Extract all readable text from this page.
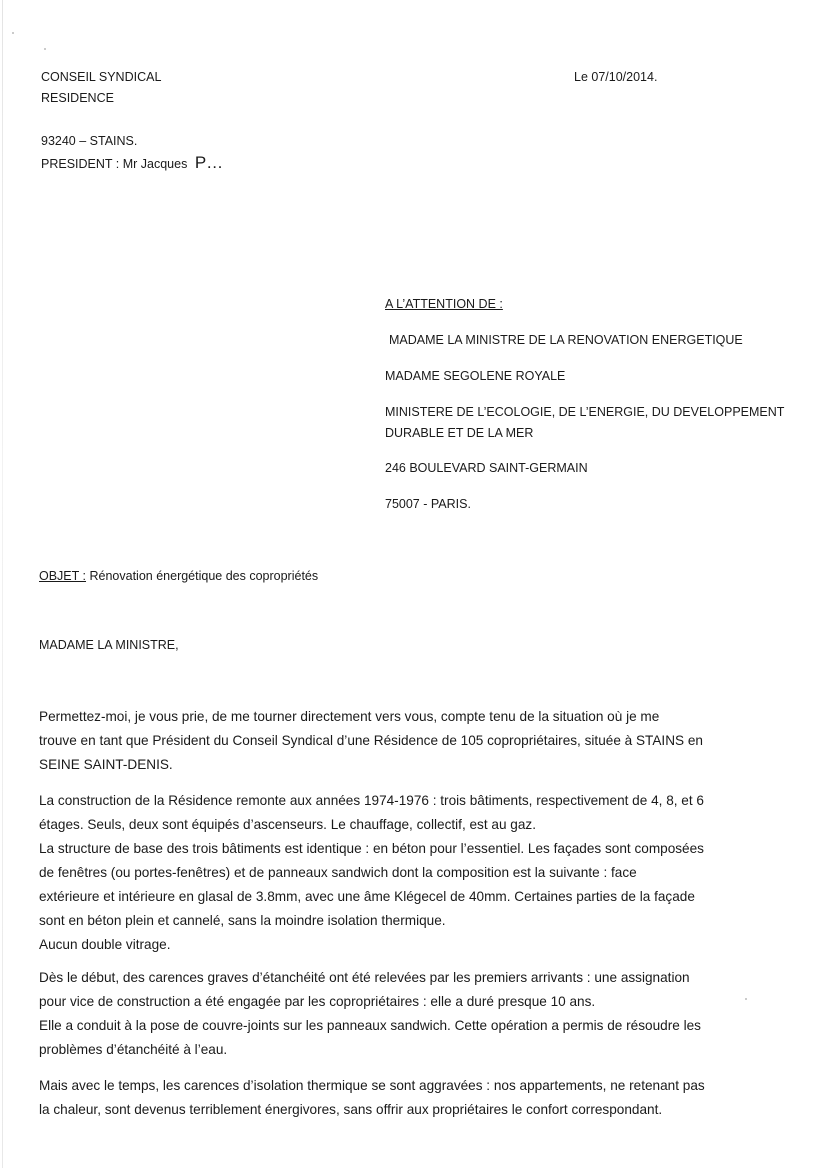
CONSEIL SYNDICAL
RESIDENCE
93240 – STAINS.
PRESIDENT : Mr Jacques P…
Le 07/10/2014.
A L’ATTENTION DE :
MADAME LA MINISTRE DE LA RENOVATION ENERGETIQUE
MADAME SEGOLENE ROYALE
MINISTERE DE L’ECOLOGIE, DE L’ENERGIE, DU DEVELOPPEMENT
DURABLE ET DE LA MER
246 BOULEVARD SAINT-GERMAIN
75007 - PARIS.
OBJET : Rénovation énergétique des copropriétés
MADAME LA MINISTRE,
Permettez-moi, je vous prie, de me tourner directement vers vous, compte tenu de la situation où je me
trouve en tant que Président du Conseil Syndical d’une Résidence de 105 copropriétaires, située à STAINS en
SEINE SAINT-DENIS.
La construction de la Résidence remonte aux années 1974-1976 : trois bâtiments, respectivement de 4, 8, et 6
étages. Seuls, deux sont équipés d’ascenseurs. Le chauffage, collectif, est au gaz.
La structure de base des trois bâtiments est identique : en béton pour l’essentiel. Les façades sont composées
de fenêtres (ou portes-fenêtres) et de panneaux sandwich dont la composition est la suivante : face
extérieure et intérieure en glasal de 3.8mm, avec une âme Klégecel de 40mm. Certaines parties de la façade
sont en béton plein et cannelé, sans la moindre isolation thermique.
Aucun double vitrage.
Dès le début, des carences graves d’étanchéité ont été relevées par les premiers arrivants : une assignation
pour vice de construction a été engagée par les copropriétaires : elle a duré presque 10 ans.
Elle a conduit à la pose de couvre-joints sur les panneaux sandwich. Cette opération a permis de résoudre les
problèmes d’étanchéité à l’eau.
Mais avec le temps, les carences d’isolation thermique se sont aggravées : nos appartements, ne retenant pas
la chaleur, sont devenus terriblement énergivores, sans offrir aux propriétaires le confort correspondant.
